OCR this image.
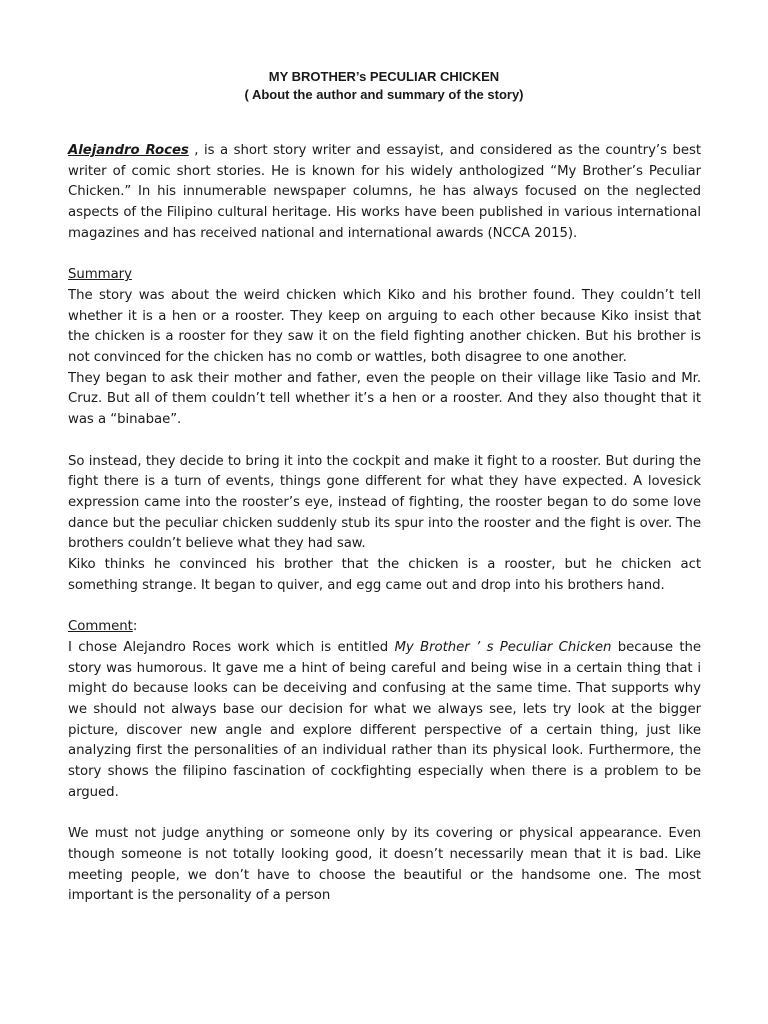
MY BROTHER’s PECULIAR CHICKEN
( About the author and summary of the story)

Alejandro Roces , is a short story writer and essayist, and considered as the country’s best writer of comic short stories. He is known for his widely anthologized “My Brother’s Peculiar Chicken.” In his innumerable newspaper columns, he has always focused on the neglected aspects of the Filipino cultural heritage. His works have been published in various international magazines and has received national and international awards (NCCA 2015).

Summary

The story was about the weird chicken which Kiko and his brother found. They couldn’t tell whether it is a hen or a rooster. They keep on arguing to each other because Kiko insist that the chicken is a rooster for they saw it on the field fighting another chicken. But his brother is not convinced for the chicken has no comb or wattles, both disagree to one another.

They began to ask their mother and father, even the people on their village like Tasio and Mr. Cruz. But all of them couldn’t tell whether it’s a hen or a rooster. And they also thought that it was a “binabae”.

So instead, they decide to bring it into the cockpit and make it fight to a rooster. But during the fight there is a turn of events, things gone different for what they have expected. A lovesick expression came into the rooster’s eye, instead of fighting, the rooster began to do some love dance but the peculiar chicken suddenly stub its spur into the rooster and the fight is over. The brothers couldn’t believe what they had saw.

Kiko thinks he convinced his brother that the chicken is a rooster, but he chicken act something strange. It began to quiver, and egg came out and drop into his brothers hand.

Comment:

I chose Alejandro Roces work which is entitled My Brother ’ s Peculiar Chicken because the story was humorous. It gave me a hint of being careful and being wise in a certain thing that i might do because looks can be deceiving and confusing at the same time. That supports why we should not always base our decision for what we always see, lets try look at the bigger picture, discover new angle and explore different perspective of a certain thing, just like analyzing first the personalities of an individual rather than its physical look. Furthermore, the story shows the filipino fascination of cockfighting especially when there is a problem to be argued.

We must not judge anything or someone only by its covering or physical appearance. Even though someone is not totally looking good, it doesn’t necessarily mean that it is bad. Like meeting people, we don’t have to choose the beautiful or the handsome one. The most important is the personality of a person
